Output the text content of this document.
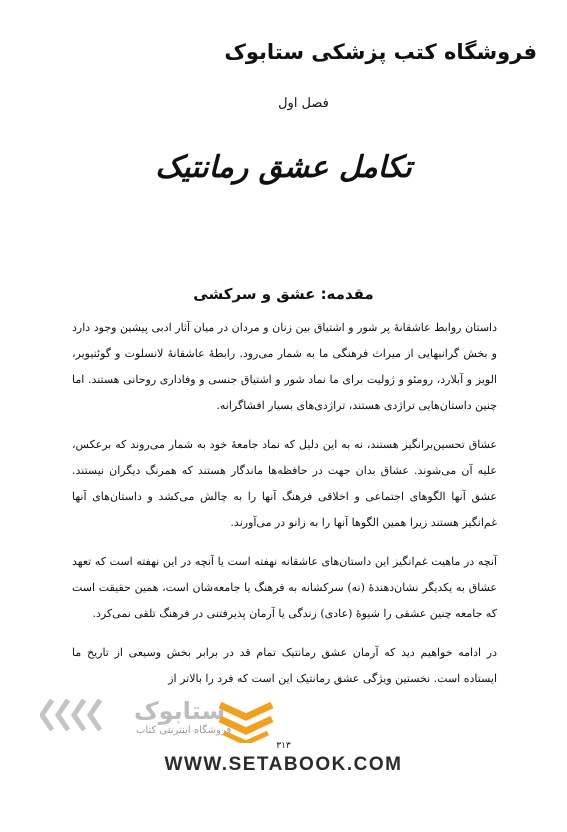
فروشگاه کتب پزشکی ستابوک
فصل اول
تکامل عشق رمانتیک
مقدمه: عشق و سرکشی

داستان روابط عاشقانهٔ پر شور و اشتیاق بین زنان و مردان در میان آثار ادبی پیشین وجود دارد و بخش گرانبهایی از میراث فرهنگی ما به شمار می‌رود. رابطهٔ عاشقانهٔ لانسلوت و گوئنیویر، الویز و آبلارد، رومئو و ژولیت برای ما نماد شور و اشتیاق جنسی و وفاداری روحانی هستند. اما چنین داستان‌هایی تراژدی هستند، تراژدی‌های بسیار افشاگرانه.

عشاق تحسین‌برانگیز هستند، نه به این دلیل که نماد جامعهٔ خود به شمار می‌روند که برعکس، علیه آن می‌شوند. عشاق بدان جهت در حافظه‌ها ماندگار هستند که همرنگ دیگران نیستند. عشق آنها الگوهای اجتماعی و اخلاقی فرهنگ آنها را به چالش می‌کشد و داستان‌های آنها غم‌انگیز هستند زیرا همین الگوها آنها را به زانو در می‌آورند.

آنچه در ماهیت غم‌انگیز این داستان‌های عاشقانه نهفته است یا آنچه در این نهفته است که تعهد عشاق به یکدیگر نشان‌دهندهٔ (نه) سرکشانه به فرهنگ یا جامعه‌شان است، همین حقیقت است که جامعه چنین عشقی را شیوهٔ (عادی) زندگی یا آرمان پذیرفتنی در فرهنگ تلقی نمی‌کرد.

در ادامه خواهیم دید که آرمان عشق رمانتیک تمام قد در برابر بخش وسیعی از تاریخ ما ایستاده است. نخستین ویژگی عشق رمانتیک این است که فرد را بالاتر از

۳۱۳
ستابوک
فروشگاه اینترنتی کتاب
WWW.SETABOOK.COM
